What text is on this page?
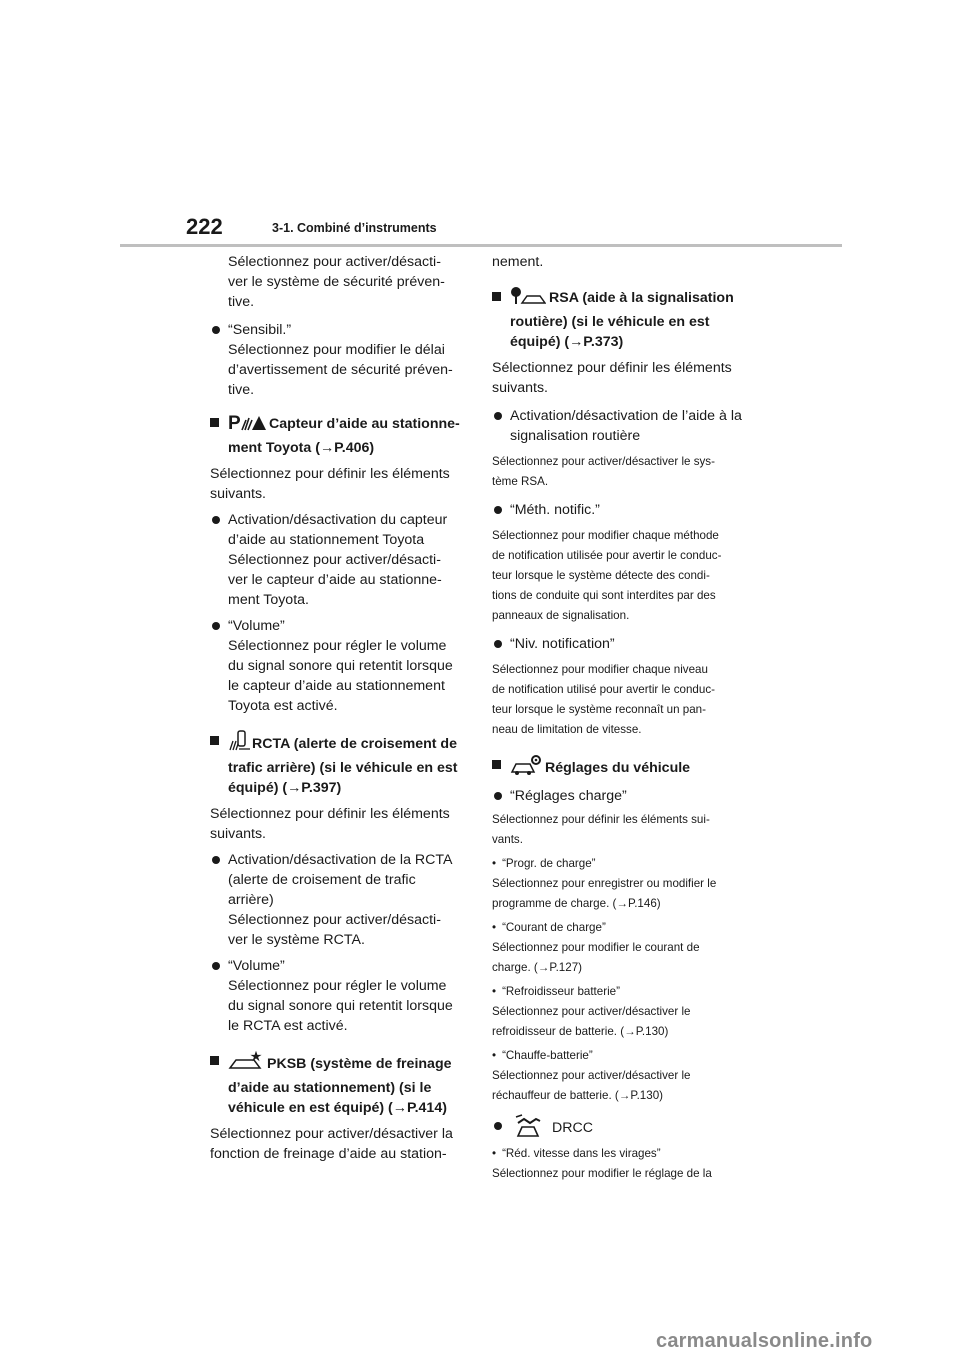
222	3-1. Combiné d’instruments

Sélectionnez pour activer/désacti-

ver le système de sécurité préven-

tive.

“Sensibil.”
Sélectionnez pour modifier le délai
d’avertissement de sécurité préven-
tive.
P Capteur d’aide au stationne-
ment Toyota (→P.406)

Sélectionnez pour définir les éléments

suivants.

Activation/désactivation du capteur
d’aide au stationnement Toyota
Sélectionnez pour activer/désacti-
ver le capteur d’aide au stationne-
ment Toyota.
“Volume”
Sélectionnez pour régler le volume
du signal sonore qui retentit lorsque
le capteur d’aide au stationnement
Toyota est activé.
RCTA (alerte de croisement de
trafic arrière) (si le véhicule en est
équipé) (→P.397)

Sélectionnez pour définir les éléments

suivants.

Activation/désactivation de la RCTA
(alerte de croisement de trafic
arrière)
Sélectionnez pour activer/désacti-
ver le système RCTA.
“Volume”
Sélectionnez pour régler le volume
du signal sonore qui retentit lorsque
le RCTA est activé.
PKSB (système de freinage
d’aide au stationnement) (si le
véhicule en est équipé) (→P.414)

Sélectionnez pour activer/désactiver la

fonction de freinage d’aide au station-

nement.

RSA (aide à la signalisation
routière) (si le véhicule en est
équipé) (→P.373)

Sélectionnez pour définir les éléments

suivants.

Activation/désactivation de l’aide à la
signalisation routière

Sélectionnez pour activer/désactiver le sys-

tème RSA.

“Méth. notific.”

Sélectionnez pour modifier chaque méthode

de notification utilisée pour avertir le conduc-

teur lorsque le système détecte des condi-

tions de conduite qui sont interdites par des

panneaux de signalisation.

“Niv. notification”

Sélectionnez pour modifier chaque niveau

de notification utilisé pour avertir le conduc-

teur lorsque le système reconnaît un pan-

neau de limitation de vitesse.

Réglages du véhicule
“Réglages charge”

Sélectionnez pour définir les éléments sui-

vants.

• “Progr. de charge”
Sélectionnez pour enregistrer ou modifier le
programme de charge. (→P.146)
• “Courant de charge”
Sélectionnez pour modifier le courant de
charge. (→P.127)
• “Refroidisseur batterie”
Sélectionnez pour activer/désactiver le
refroidisseur de batterie. (→P.130)
• “Chauffe-batterie”
Sélectionnez pour activer/désactiver le
réchauffeur de batterie. (→P.130)
DRCC
• “Réd. vitesse dans les virages”
Sélectionnez pour modifier le réglage de la
carmanualsonline.info
